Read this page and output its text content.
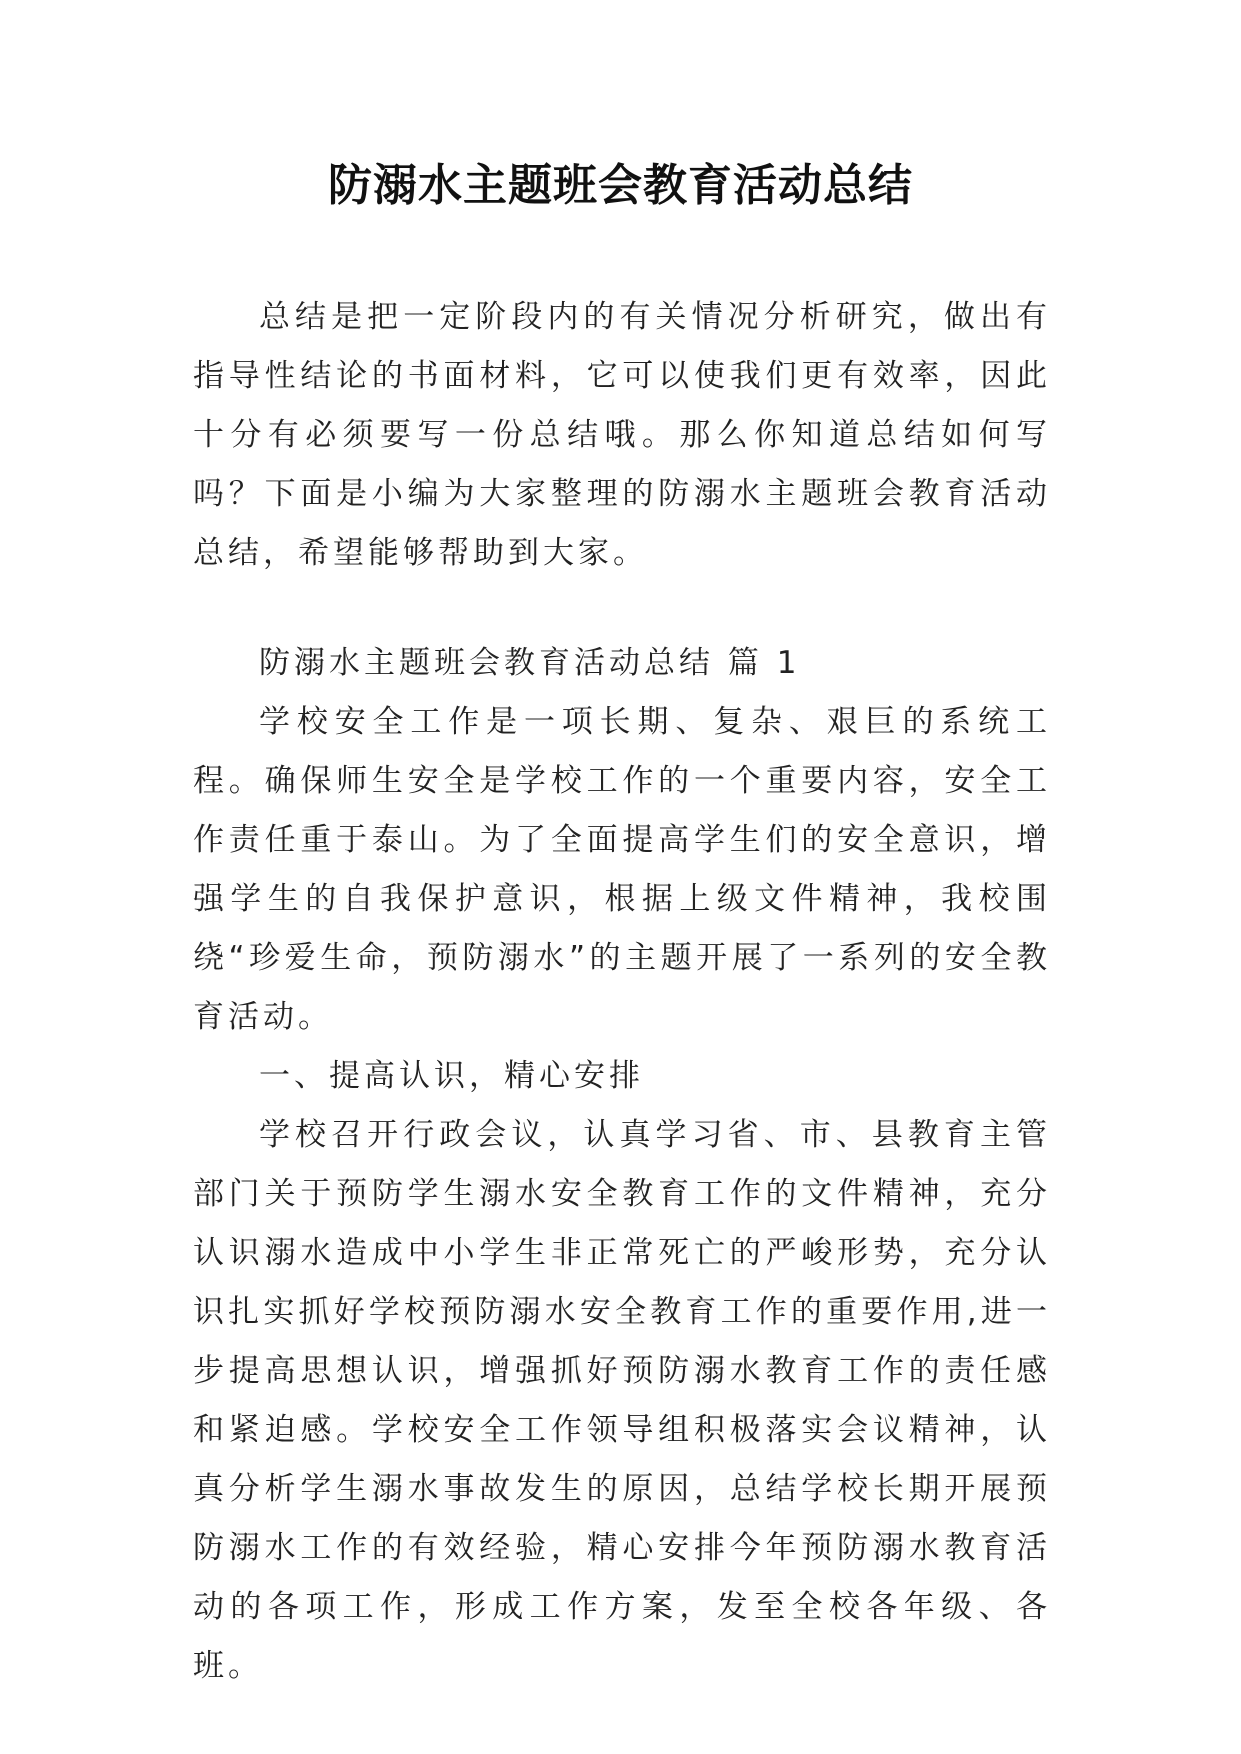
防溺水主题班会教育活动总结

总结是把一定阶段内的有关情况分析研究，做出有指导性结论的书面材料，它可以使我们更有效率，因此十分有必须要写一份总结哦。那么你知道总结如何写吗？下面是小编为大家整理的防溺水主题班会教育活动总结，希望能够帮助到大家。

防溺水主题班会教育活动总结 篇 1

学校安全工作是一项长期、复杂、艰巨的系统工程。确保师生安全是学校工作的一个重要内容，安全工作责任重于泰山。为了全面提高学生们的安全意识，增强学生的自我保护意识，根据上级文件精神，我校围绕“珍爱生命，预防溺水”的主题开展了一系列的安全教育活动。

一、提高认识，精心安排

学校召开行政会议，认真学习省、市、县教育主管部门关于预防学生溺水安全教育工作的文件精神，充分认识溺水造成中小学生非正常死亡的严峻形势，充分认识扎实抓好学校预防溺水安全教育工作的重要作用,进一步提高思想认识，增强抓好预防溺水教育工作的责任感和紧迫感。学校安全工作领导组积极落实会议精神，认真分析学生溺水事故发生的原因，总结学校长期开展预防溺水工作的有效经验，精心安排今年预防溺水教育活动的各项工作，形成工作方案，发至全校各年级、各班。
